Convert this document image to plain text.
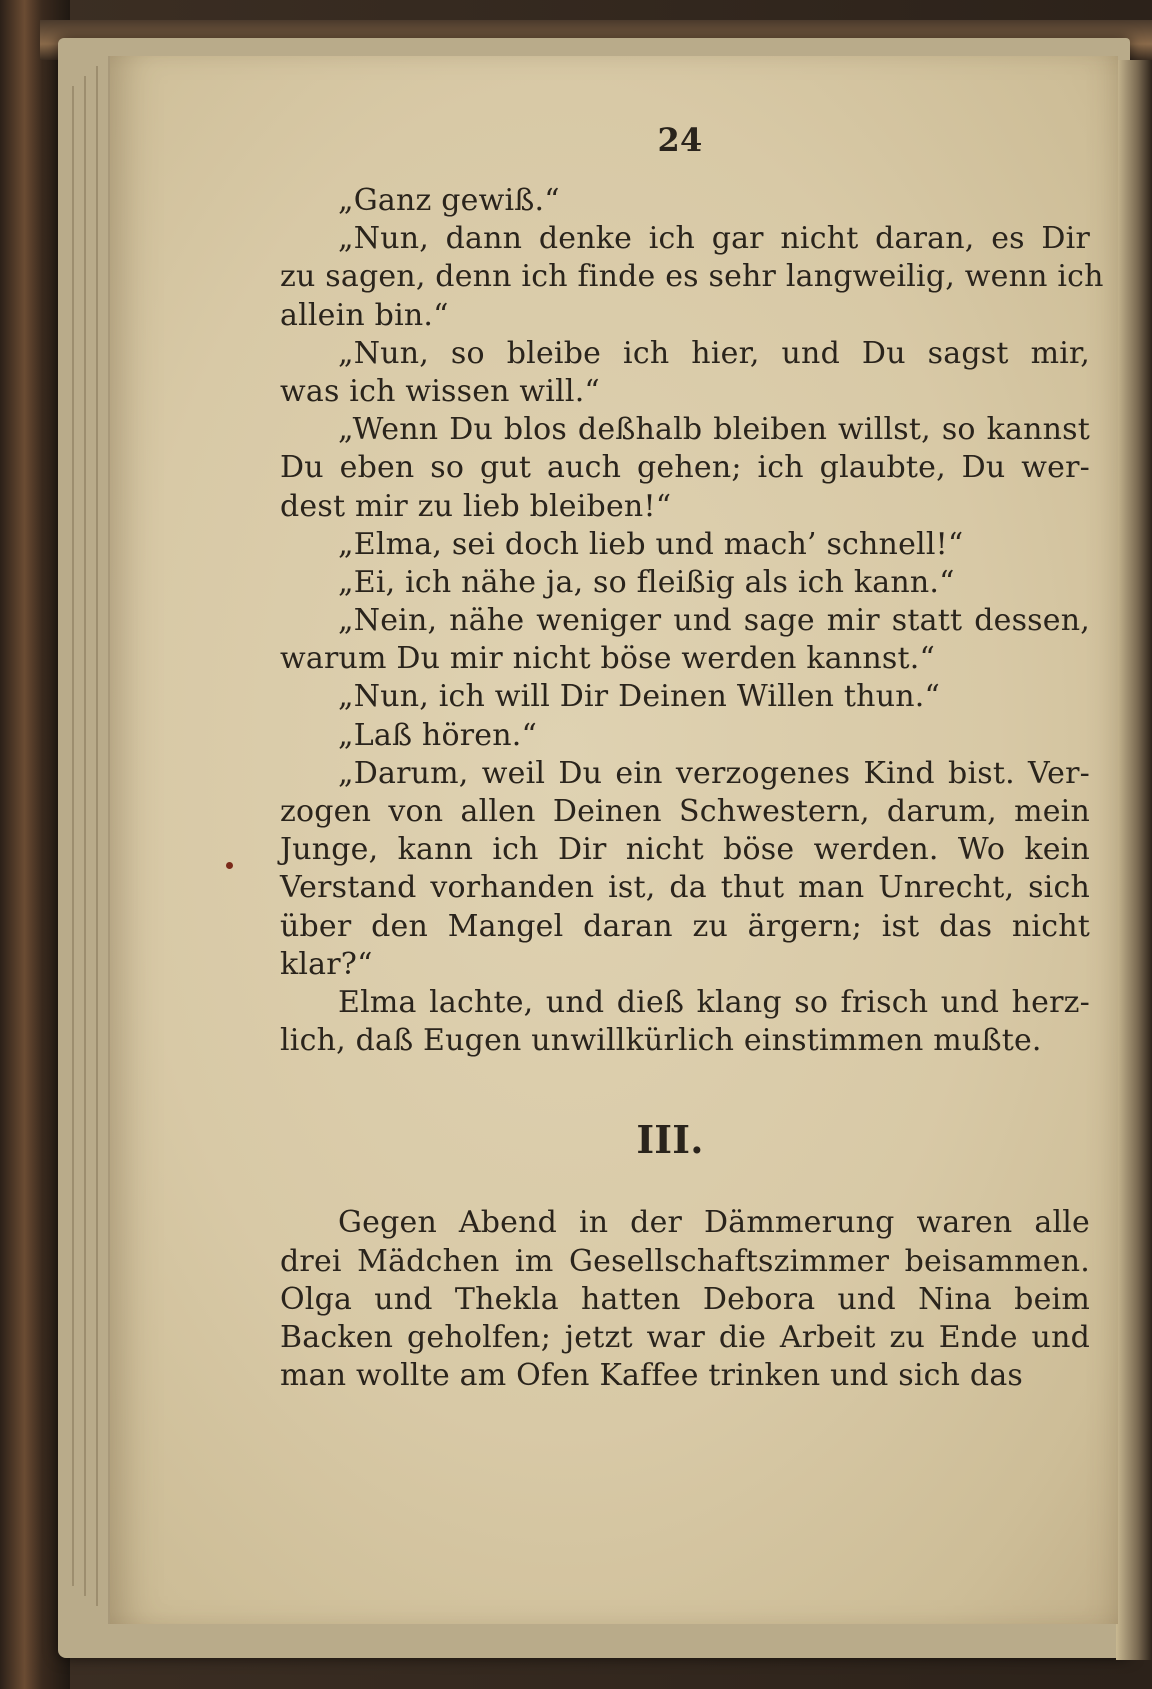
24
„Ganz gewiß.“
„Nun, dann denke ich gar nicht daran, es Dir
zu sagen, denn ich finde es sehr langweilig, wenn ich
allein bin.“
„Nun, so bleibe ich hier, und Du sagst mir,
was ich wissen will.“
„Wenn Du blos deßhalb bleiben willst, so kannst
Du eben so gut auch gehen; ich glaubte, Du wer-
dest mir zu lieb bleiben!“
„Elma, sei doch lieb und mach’ schnell!“
„Ei, ich nähe ja, so fleißig als ich kann.“
„Nein, nähe weniger und sage mir statt dessen,
warum Du mir nicht böse werden kannst.“
„Nun, ich will Dir Deinen Willen thun.“
„Laß hören.“
„Darum, weil Du ein verzogenes Kind bist. Ver-
zogen von allen Deinen Schwestern, darum, mein
Junge, kann ich Dir nicht böse werden. Wo kein
Verstand vorhanden ist, da thut man Unrecht, sich
über den Mangel daran zu ärgern; ist das nicht
klar?“
Elma lachte, und dieß klang so frisch und herz-
lich, daß Eugen unwillkürlich einstimmen mußte.
III.
Gegen Abend in der Dämmerung waren alle
drei Mädchen im Gesellschaftszimmer beisammen.
Olga und Thekla hatten Debora und Nina beim
Backen geholfen; jetzt war die Arbeit zu Ende und
man wollte am Ofen Kaffee trinken und sich das
